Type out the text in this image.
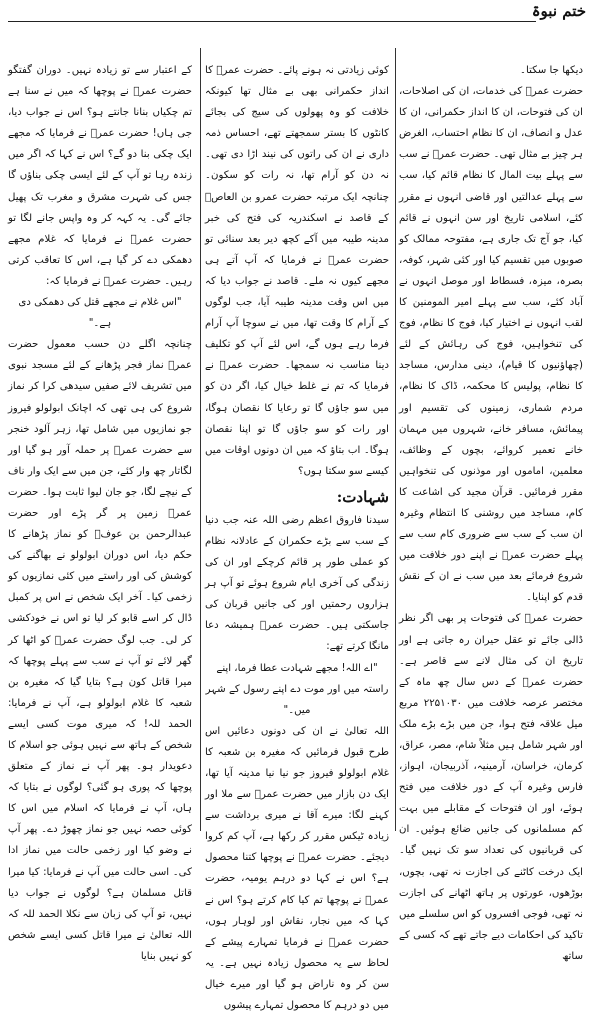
ختم نبوۃ

دیکھا جا سکتا۔

حضرت عمرؓ کی خدمات، ان کی اصلاحات، ان کی فتوحات، ان کا انداز حکمرانی، ان کا عدل و انصاف، ان کا نظام احتساب، الغرض ہر چیز بے مثال تھی۔ حضرت عمرؓ نے سب سے پہلے بیت المال کا نظام قائم کیا، سب سے پہلے عدالتیں اور قاضی انہوں نے مقرر کئے، اسلامی تاریخ اور سن انہوں نے قائم کیا، جو آج تک جاری ہے، مفتوحہ ممالک کو صوبوں میں تقسیم کیا اور کئی شہر، کوفہ، بصرہ، میزہ، فسطاط اور موصل انہوں نے آباد کئے، سب سے پہلے امیر المومنین کا لقب انہوں نے اختیار کیا، فوج کا نظام، فوج کی تنخواہیں، فوج کی رہائش کے لئے (چھاؤنیوں کا قیام)، دینی مدارس، مساجد کا نظام، پولیس کا محکمہ، ڈاک کا نظام، مردم شماری، زمینوں کی تقسیم اور پیمائش، مسافر خانے، شہروں میں مہمان خانے تعمیر کروائے، بچوں کے وظائف، معلمین، اماموں اور موذنوں کی تنخواہیں مقرر فرمائیں۔ قرآن مجید کی اشاعت کا کام، مساجد میں روشنی کا انتظام وغیرہ ان سب کے سب سے ضروری کام سب سے پہلے حضرت عمرؓ نے اپنے دور خلافت میں شروع فرمائے بعد میں سب نے ان کے نقش قدم کو اپنایا۔

حضرت عمرؓ کی فتوحات پر بھی اگر نظر ڈالی جائے تو عقل حیران رہ جاتی ہے اور تاریخ ان کی مثال لانے سے قاصر ہے۔ حضرت عمرؓ کے دس سال چھ ماہ کے مختصر عرصہ خلافت میں ۲۲۵۱۰۳۰ مربع میل علاقہ فتح ہوا، جن میں بڑے بڑے ملک اور شہر شامل ہیں مثلاً شام، مصر، عراق، کرمان، خراسان، آرمینیہ، آذربیجان، اہواز، فارس وغیرہ آپ کے دور خلافت میں فتح ہوئے، اور ان فتوحات کے مقابلے میں بہت کم مسلمانوں کی جانیں ضائع ہوئیں۔ ان کی قربانیوں کی تعداد سو تک نہیں گیا۔ ایک درخت کاٹنے کی اجازت نہ تھی، بچوں، بوڑھوں، عورتوں پر ہاتھ اٹھانے کی اجازت نہ تھی، فوجی افسروں کو اس سلسلے میں تاکید کی احکامات دیے جاتے تھے کہ کسی کے ساتھ

کوئی زیادتی نہ ہونے پائے۔ حضرت عمرؓ کا انداز حکمرانی بھی بے مثال تھا کیونکہ خلافت کو وہ پھولوں کی سیج کی بجائے کانٹوں کا بستر سمجھتے تھے، احساس ذمہ داری نے ان کی راتوں کی نیند اڑا دی تھی۔ نہ دن کو آرام تھا، نہ رات کو سکون۔ چنانچہ ایک مرتبہ حضرت عمرو بن العاصؓ کے قاصد نے اسکندریہ کی فتح کی خبر مدینہ طیبہ میں آکے کچھ دیر بعد سنائی تو حضرت عمرؓ نے فرمایا کہ آپ آتے ہی مجھے کیوں نہ ملے۔ قاصد نے جواب دیا کہ میں اس وقت مدینہ طیبہ آیا، جب لوگوں کے آرام کا وقت تھا، میں نے سوچا آپ آرام فرما رہے ہوں گے، اس لئے آپ کو تکلیف دینا مناسب نہ سمجھا۔ حضرت عمرؓ نے فرمایا کہ تم نے غلط خیال کیا، اگر دن کو میں سو جاؤں گا تو رعایا کا نقصان ہوگا، اور رات کو سو جاؤں گا تو اپنا نقصان ہوگا۔ اب بتاؤ کہ میں ان دونوں اوقات میں کیسے سو سکتا ہوں؟

شہادت:

سیدنا فاروق اعظم رضی اللہ عنہ جب دنیا کے سب سے بڑے حکمران کے عادلانہ نظام کو عملی طور پر قائم کرچکے اور ان کی زندگی کی آخری ایام شروع ہوئے تو آپ ہر ہزاروں رحمتیں اور کی جانیں قربان کی جاسکتی ہیں۔ حضرت عمرؓ ہمیشہ دعا مانگا کرتے تھے:

"اے اللہ! مجھے شہادت عطا فرما، اپنے راستہ میں اور موت دے اپنے رسول کے شہر میں۔"

اللہ تعالیٰ نے ان کی دونوں دعائیں اس طرح قبول فرمائیں کہ مغیرہ بن شعبہ کا غلام ابولولو فیروز جو نیا نیا مدینہ آیا تھا، ایک دن بازار میں حضرت عمرؓ سے ملا اور کہنے لگا: میرے آقا نے میری برداشت سے زیادہ ٹیکس مقرر کر رکھا ہے، آپ کم کروا دیجئے۔ حضرت عمرؓ نے پوچھا کتنا محصول ہے؟ اس نے کہا دو درہم یومیہ، حضرت عمرؓ نے پوچھا تم کیا کام کرتے ہو؟ اس نے کہا کہ میں نجار، نقاش اور لوہار ہوں، حضرت عمرؓ نے فرمایا تمہارے پیشے کے لحاظ سے یہ محصول زیادہ نہیں ہے۔ یہ سن کر وہ ناراض ہو گیا اور میرے خیال میں دو درہم کا محصول تمہارے پیشوں

کے اعتبار سے تو زیادہ نہیں۔ دوران گفتگو حضرت عمرؓ نے پوچھا کہ میں نے سنا ہے تم چکیاں بنانا جانتے ہو؟ اس نے جواب دیا، جی ہاں! حضرت عمرؓ نے فرمایا کہ مجھے ایک چکی بنا دو گے؟ اس نے کہا کہ اگر میں زندہ رہا تو آپ کے لئے ایسی چکی بناؤں گا جس کی شہرت مشرق و مغرب تک پھیل جائے گی۔ یہ کہہ کر وہ واپس جانے لگا تو حضرت عمرؓ نے فرمایا کہ غلام مجھے دھمکی دے کر گیا ہے، اس کا تعاقب کرتی رہیں۔ حضرت عمرؓ نے فرمایا کہ:

"اس غلام نے مجھے قتل کی دھمکی دی ہے۔"

چنانچہ اگلے دن حسب معمول حضرت عمرؓ نماز فجر پڑھانے کے لئے مسجد نبوی میں تشریف لائے صفیں سیدھی کرا کر نماز شروع کی ہی تھی کہ اچانک ابولولو فیروز جو نمازیوں میں شامل تھا، زہر آلود خنجر سے حضرت عمرؓ پر حملہ آور ہو گیا اور لگاتار چھ وار کئے، جن میں سے ایک وار ناف کے نیچے لگا، جو جان لیوا ثابت ہوا۔ حضرت عمرؓ زمین پر گر پڑے اور حضرت عبدالرحمن بن عوفؓ کو نماز پڑھانے کا حکم دیا، اس دوران ابولولو نے بھاگنے کی کوشش کی اور راستے میں کئی نمازیوں کو زخمی کیا۔ آخر ایک شخص نے اس پر کمبل ڈال کر اسے قابو کر لیا تو اس نے خودکشی کر لی۔ جب لوگ حضرت عمرؓ کو اٹھا کر گھر لائے تو آپ نے سب سے پہلے پوچھا کہ میرا قاتل کون ہے؟ بتایا گیا کہ مغیرہ بن شعبہ کا غلام ابولولو ہے، آپ نے فرمایا: الحمد للہ! کہ میری موت کسی ایسے شخص کے ہاتھ سے نہیں ہوئی جو اسلام کا دعویدار ہو۔ پھر آپ نے نماز کے متعلق پوچھا کہ پوری ہو گئی؟ لوگوں نے بتایا کہ ہاں، آپ نے فرمایا کہ اسلام میں اس کا کوئی حصہ نہیں جو نماز چھوڑ دے۔ پھر آپ نے وضو کیا اور زخمی حالت میں نماز ادا کی۔ اسی حالت میں آپ نے فرمایا: کیا میرا قاتل مسلمان ہے؟ لوگوں نے جواب دیا نہیں، تو آپ کی زبان سے نکلا الحمد للہ کہ اللہ تعالیٰ نے میرا قاتل کسی ایسے شخص کو نہیں بنایا
